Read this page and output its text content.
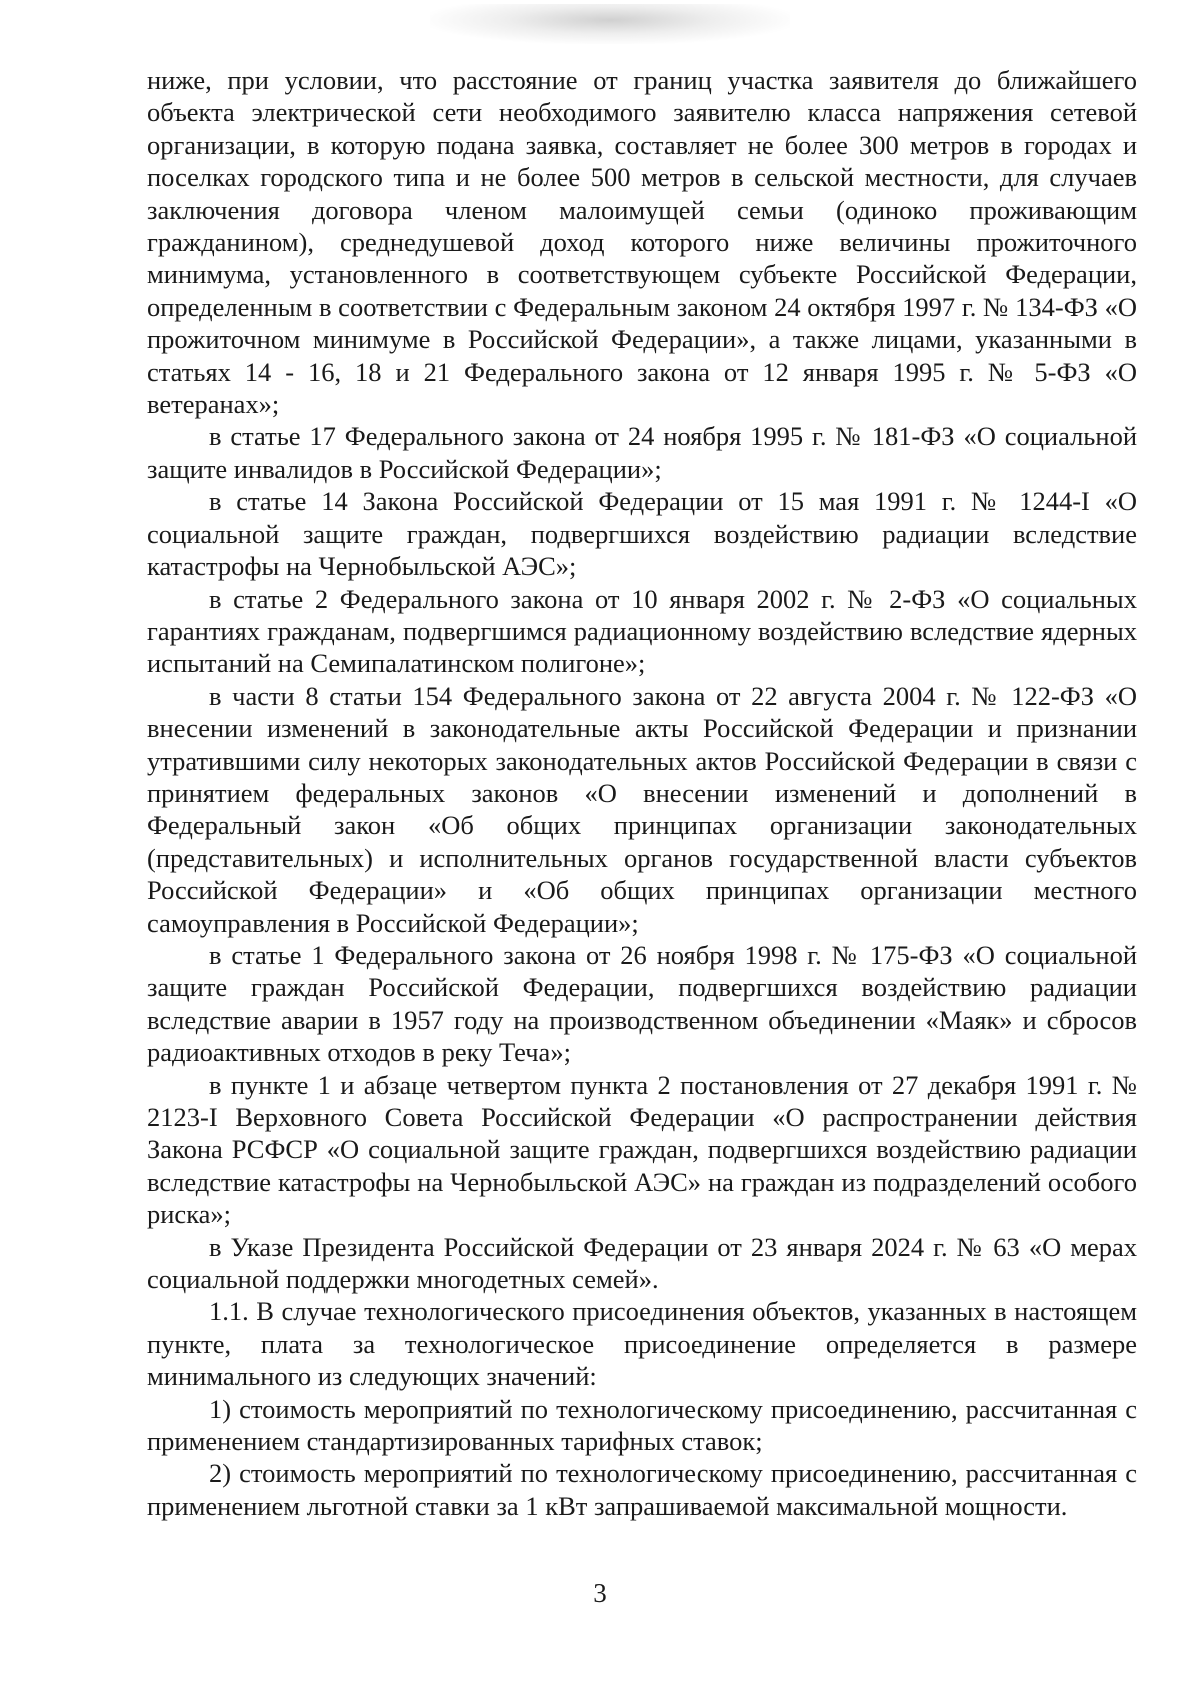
ниже, при условии, что расстояние от границ участка заявителя до ближайшего объекта электрической сети необходимого заявителю класса напряжения сетевой организации, в которую подана заявка, составляет не более 300 метров в городах и поселках городского типа и не более 500 метров в сельской местности, для случаев заключения договора членом малоимущей семьи (одиноко проживающим гражданином), среднедушевой доход которого ниже величины прожиточного минимума, установленного в соответствующем субъекте Российской Федерации, определенным в соответствии с Федеральным законом 24 октября 1997 г. № 134-ФЗ «О прожиточном минимуме в Российской Федерации», а также лицами, указанными в статьях 14 - 16, 18 и 21 Федерального закона от 12 января 1995 г. № 5-ФЗ «О ветеранах»;

в статье 17 Федерального закона от 24 ноября 1995 г. № 181-ФЗ «О социальной защите инвалидов в Российской Федерации»;

в статье 14 Закона Российской Федерации от 15 мая 1991 г. № 1244-I «О социальной защите граждан, подвергшихся воздействию радиации вследствие катастрофы на Чернобыльской АЭС»;

в статье 2 Федерального закона от 10 января 2002 г. № 2-ФЗ «О социальных гарантиях гражданам, подвергшимся радиационному воздействию вследствие ядерных испытаний на Семипалатинском полигоне»;

в части 8 статьи 154 Федерального закона от 22 августа 2004 г. № 122-ФЗ «О внесении изменений в законодательные акты Российской Федерации и признании утратившими силу некоторых законодательных актов Российской Федерации в связи с принятием федеральных законов «О внесении изменений и дополнений в Федеральный закон «Об общих принципах организации законодательных (представительных) и исполнительных органов государственной власти субъектов Российской Федерации» и «Об общих принципах организации местного самоуправления в Российской Федерации»;

в статье 1 Федерального закона от 26 ноября 1998 г. № 175-ФЗ «О социальной защите граждан Российской Федерации, подвергшихся воздействию радиации вследствие аварии в 1957 году на производственном объединении «Маяк» и сбросов радиоактивных отходов в реку Теча»;

в пункте 1 и абзаце четвертом пункта 2 постановления от 27 декабря 1991 г. № 2123-I Верховного Совета Российской Федерации «О распространении действия Закона РСФСР «О социальной защите граждан, подвергшихся воздействию радиации вследствие катастрофы на Чернобыльской АЭС» на граждан из подразделений особого риска»;

в Указе Президента Российской Федерации от 23 января 2024 г. № 63 «О мерах социальной поддержки многодетных семей».

1.1. В случае технологического присоединения объектов, указанных в настоящем пункте, плата за технологическое присоединение определяется в размере минимального из следующих значений:

1) стоимость мероприятий по технологическому присоединению, рассчитанная с применением стандартизированных тарифных ставок;

2) стоимость мероприятий по технологическому присоединению, рассчитанная с применением льготной ставки за 1 кВт запрашиваемой максимальной мощности.

3
